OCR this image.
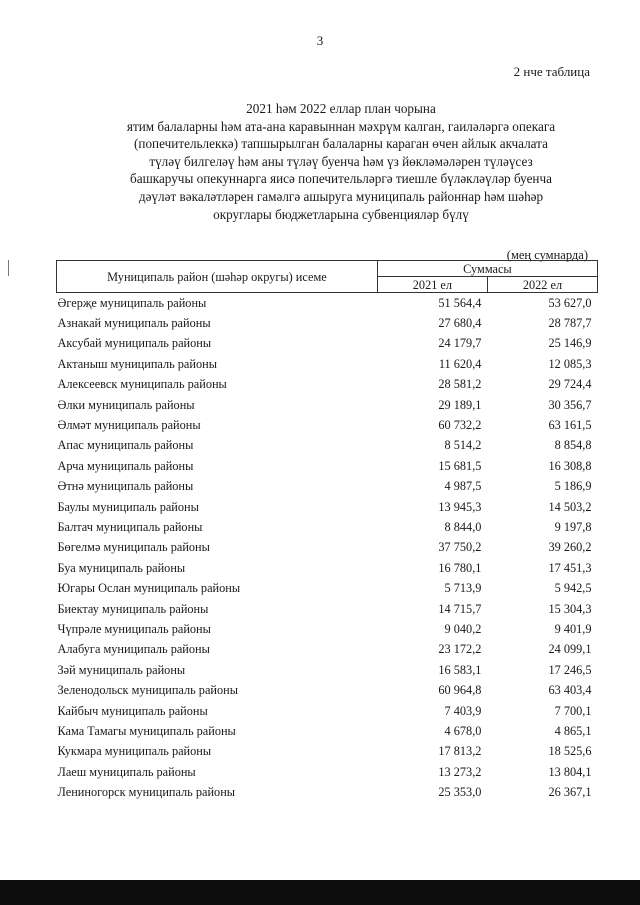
3
2 нче таблица
2021 һәм 2022 еллар план чорына
ятим балаларны һәм ата-ана каравыннан мәхрүм калган, гаиләләргә опекага
(попечительлеккә) тапшырылган балаларны караган өчен айлык акчалата
түләү билгеләү һәм аны түләү буенча һәм үз йөкләмәләрен түләүсез
башкаручы опекуннарга яисә попечительләргә тиешле бүләкләүләр буенча
дәүләт вәкаләтләрен гамәлгә ашыруга муниципаль районнар һәм шәһәр
округлары бюджетларына субвенцияләр бүлү
(мең сумнарда)
Муниципаль район (шәһәр округы) исеме	Суммасы	
	2021 ел	2022 ел
Әгерҗе муниципаль районы	51 564,4	53 627,0
Азнакай муниципаль районы	27 680,4	28 787,7
Аксубай муниципаль районы	24 179,7	25 146,9
Актаныш муниципаль районы	11 620,4	12 085,3
Алексеевск муниципаль районы	28 581,2	29 724,4
Әлки муниципаль районы	29 189,1	30 356,7
Әлмәт муниципаль районы	60 732,2	63 161,5
Апас муниципаль районы	8 514,2	8 854,8
Арча муниципаль районы	15 681,5	16 308,8
Әтнә муниципаль районы	4 987,5	5 186,9
Баулы муниципаль районы	13 945,3	14 503,2
Балтач муниципаль районы	8 844,0	9 197,8
Бөгелмә муниципаль районы	37 750,2	39 260,2
Буа муниципаль районы	16 780,1	17 451,3
Югары Ослан муниципаль районы	5 713,9	5 942,5
Биектау муниципаль районы	14 715,7	15 304,3
Чүпрәле муниципаль районы	9 040,2	9 401,9
Алабуга муниципаль районы	23 172,2	24 099,1
Зәй муниципаль районы	16 583,1	17 246,5
Зеленодольск муниципаль районы	60 964,8	63 403,4
Кайбыч муниципаль районы	7 403,9	7 700,1
Кама Тамагы муниципаль районы	4 678,0	4 865,1
Кукмара муниципаль районы	17 813,2	18 525,6
Лаеш муниципаль районы	13 273,2	13 804,1
Лениногорск муниципаль районы	25 353,0	26 367,1
